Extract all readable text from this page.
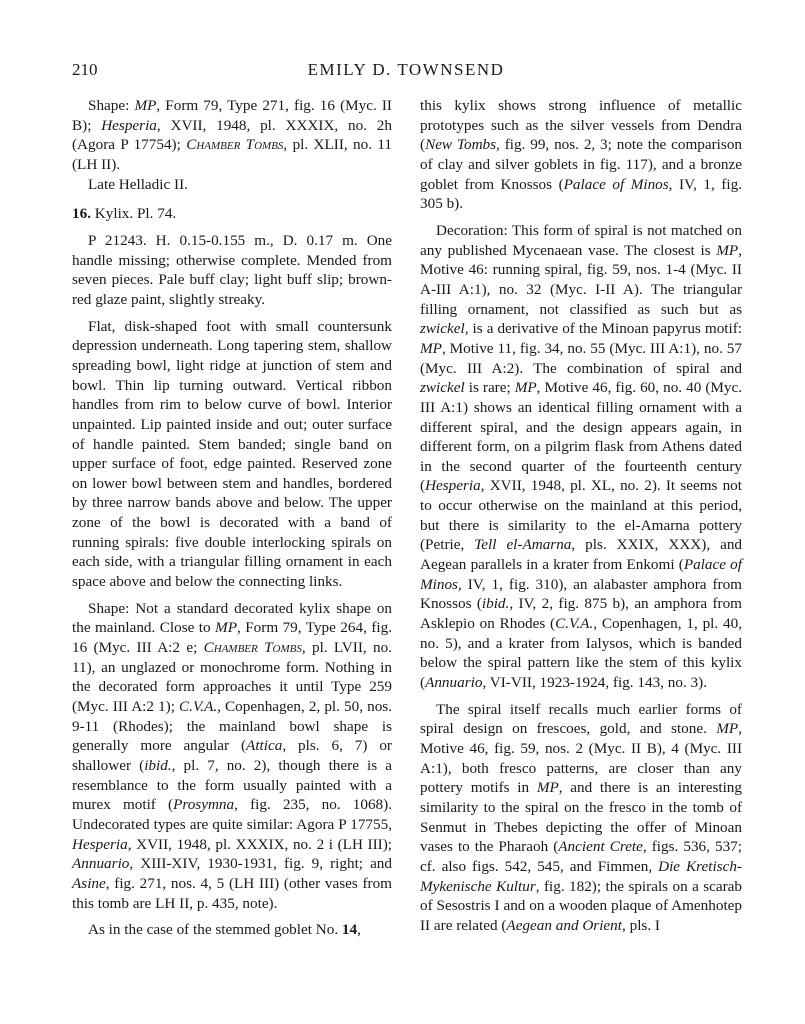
210	EMILY D. TOWNSEND

Shape: MP, Form 79, Type 271, fig. 16 (Myc. II B); Hesperia, XVII, 1948, pl. XXXIX, no. 2h (Agora P 17754); Chamber Tombs, pl. XLII, no. 11 (LH II).

Late Helladic II.

16. Kylix. Pl. 74.

P 21243. H. 0.15-0.155 m., D. 0.17 m. One handle missing; otherwise complete. Mended from seven pieces. Pale buff clay; light buff slip; brown-red glaze paint, slightly streaky.

Flat, disk-shaped foot with small countersunk depression underneath. Long tapering stem, shallow spreading bowl, light ridge at junction of stem and bowl. Thin lip turning outward. Vertical ribbon handles from rim to below curve of bowl. Interior unpainted. Lip painted inside and out; outer surface of handle painted. Stem banded; single band on upper surface of foot, edge painted. Reserved zone on lower bowl between stem and handles, bordered by three narrow bands above and below. The upper zone of the bowl is decorated with a band of running spirals: five double interlocking spirals on each side, with a triangular filling ornament in each space above and below the connecting links.

Shape: Not a standard decorated kylix shape on the mainland. Close to MP, Form 79, Type 264, fig. 16 (Myc. III A:2 e; Chamber Tombs, pl. LVII, no. 11), an unglazed or monochrome form. Nothing in the decorated form approaches it until Type 259 (Myc. III A:2 1); C.V.A., Copenhagen, 2, pl. 50, nos. 9-11 (Rhodes); the mainland bowl shape is generally more angular (Attica, pls. 6, 7) or shallower (ibid., pl. 7, no. 2), though there is a resemblance to the form usually painted with a murex motif (Prosymna, fig. 235, no. 1068). Undecorated types are quite similar: Agora P 17755, Hesperia, XVII, 1948, pl. XXXIX, no. 2 i (LH III); Annuario, XIII-XIV, 1930-1931, fig. 9, right; and Asine, fig. 271, nos. 4, 5 (LH III) (other vases from this tomb are LH II, p. 435, note).

As in the case of the stemmed goblet No. 14,

this kylix shows strong influence of metallic prototypes such as the silver vessels from Dendra (New Tombs, fig. 99, nos. 2, 3; note the comparison of clay and silver goblets in fig. 117), and a bronze goblet from Knossos (Palace of Minos, IV, 1, fig. 305 b).

Decoration: This form of spiral is not matched on any published Mycenaean vase. The closest is MP, Motive 46: running spiral, fig. 59, nos. 1-4 (Myc. II A-III A:1), no. 32 (Myc. I-II A). The triangular filling ornament, not classified as such but as zwickel, is a derivative of the Minoan papyrus motif: MP, Motive 11, fig. 34, no. 55 (Myc. III A:1), no. 57 (Myc. III A:2). The combination of spiral and zwickel is rare; MP, Motive 46, fig. 60, no. 40 (Myc. III A:1) shows an identical filling ornament with a different spiral, and the design appears again, in different form, on a pilgrim flask from Athens dated in the second quarter of the fourteenth century (Hesperia, XVII, 1948, pl. XL, no. 2). It seems not to occur otherwise on the mainland at this period, but there is similarity to the el-Amarna pottery (Petrie, Tell el-Amarna, pls. XXIX, XXX), and Aegean parallels in a krater from Enkomi (Palace of Minos, IV, 1, fig. 310), an alabaster amphora from Knossos (ibid., IV, 2, fig. 875 b), an amphora from Asklepio on Rhodes (C.V.A., Copenhagen, 1, pl. 40, no. 5), and a krater from Ialysos, which is banded below the spiral pattern like the stem of this kylix (Annuario, VI-VII, 1923-1924, fig. 143, no. 3).

The spiral itself recalls much earlier forms of spiral design on frescoes, gold, and stone. MP, Motive 46, fig. 59, nos. 2 (Myc. II B), 4 (Myc. III A:1), both fresco patterns, are closer than any pottery motifs in MP, and there is an interesting similarity to the spiral on the fresco in the tomb of Senmut in Thebes depicting the offer of Minoan vases to the Pharaoh (Ancient Crete, figs. 536, 537; cf. also figs. 542, 545, and Fimmen, Die Kretisch-Mykenische Kultur, fig. 182); the spirals on a scarab of Sesostris I and on a wooden plaque of Amenhotep II are related (Aegean and Orient, pls. I
